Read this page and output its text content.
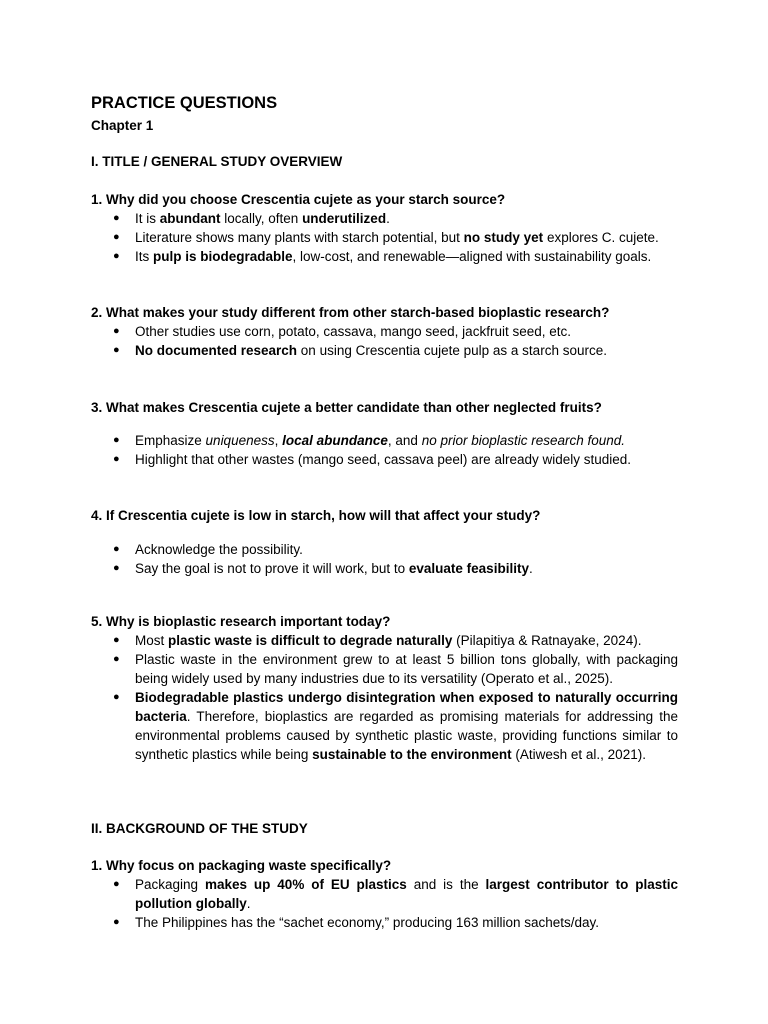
PRACTICE QUESTIONS
Chapter 1
I. TITLE / GENERAL STUDY OVERVIEW
1. Why did you choose Crescentia cujete as your starch source?
● It is abundant locally, often underutilized.
● Literature shows many plants with starch potential, but no study yet explores C. cujete.
● Its pulp is biodegradable, low-cost, and renewable—aligned with sustainability goals.
2. What makes your study different from other starch-based bioplastic research?
● Other studies use corn, potato, cassava, mango seed, jackfruit seed, etc.
● No documented research on using Crescentia cujete pulp as a starch source.
3. What makes Crescentia cujete a better candidate than other neglected fruits?
● Emphasize uniqueness, local abundance, and no prior bioplastic research found.
● Highlight that other wastes (mango seed, cassava peel) are already widely studied.
4. If Crescentia cujete is low in starch, how will that affect your study?
● Acknowledge the possibility.
● Say the goal is not to prove it will work, but to evaluate feasibility.
5. Why is bioplastic research important today?
● Most plastic waste is difficult to degrade naturally (Pilapitiya & Ratnayake, 2024).
● Plastic waste in the environment grew to at least 5 billion tons globally, with packaging being widely used by many industries due to its versatility (Operato et al., 2025).
● Biodegradable plastics undergo disintegration when exposed to naturally occurring bacteria. Therefore, bioplastics are regarded as promising materials for addressing the environmental problems caused by synthetic plastic waste, providing functions similar to synthetic plastics while being sustainable to the environment (Atiwesh et al., 2021).
II. BACKGROUND OF THE STUDY
1. Why focus on packaging waste specifically?
● Packaging makes up 40% of EU plastics and is the largest contributor to plastic pollution globally.
● The Philippines has the “sachet economy,” producing 163 million sachets/day.
